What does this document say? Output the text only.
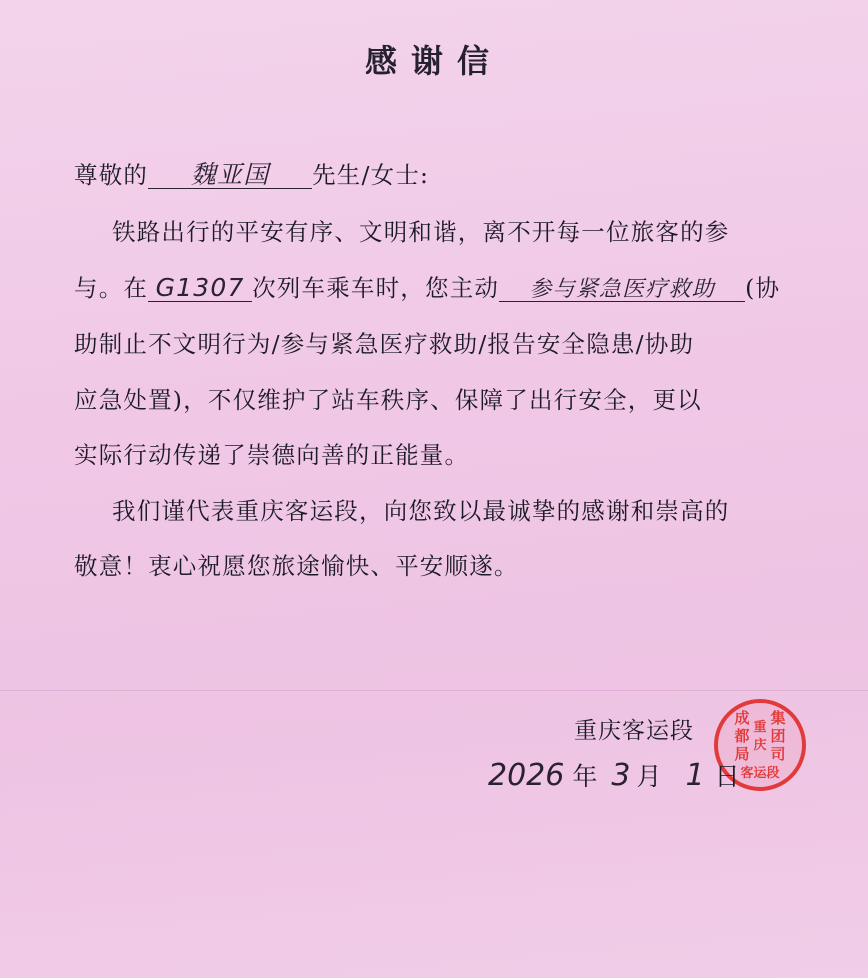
感谢信
尊敬的 魏亚国 先生/女士:
铁路出行的平安有序、文明和谐，离不开每一位旅客的参
与。在 G1307 次列车乘车时，您主动 参与紧急医疗救助 (协
助制止不文明行为/参与紧急医疗救助/报告安全隐患/协助
应急处置)，不仅维护了站车秩序、保障了出行安全，更以
实际行动传递了崇德向善的正能量。
我们谨代表重庆客运段，向您致以最诚挚的感谢和崇高的
敬意！衷心祝愿您旅途愉快、平安顺遂。
重庆客运段	成
都
局
集
团
司
重
庆
客运段
2026 年 3 月 1 日
